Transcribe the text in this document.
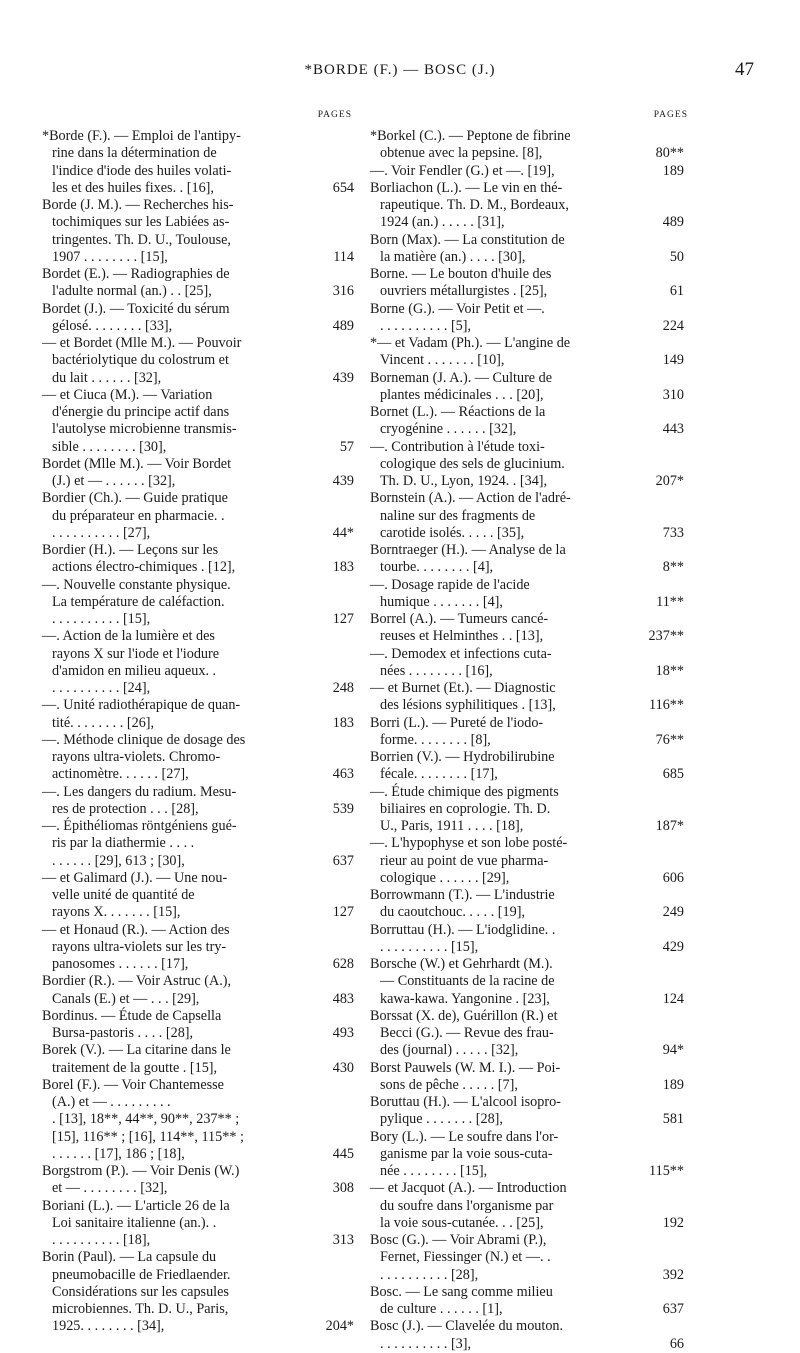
*BORDE (F.) — BOSC (J.)	47
PAGES
*Borde (F.). — Emploi de l'antipy-
rine dans la détermination de
l'indice d'iode des huiles volati-
les et des huiles fixes. . [16],	654
Borde (J. M.). — Recherches his-
tochimiques sur les Labiées as-
tringentes. Th. D. U., Toulouse,
1907 . . . . . . . . [15],	114
Bordet (E.). — Radiographies de
l'adulte normal (an.) . . [25],	316
Bordet (J.). — Toxicité du sérum
gélosé. . . . . . . . [33],	489
— et Bordet (Mlle M.). — Pouvoir
bactériolytique du colostrum et
du lait . . . . . . [32],	439
— et Ciuca (M.). — Variation
d'énergie du principe actif dans
l'autolyse microbienne transmis-
sible . . . . . . . . [30],	57
Bordet (Mlle M.). — Voir Bordet
(J.) et — . . . . . . [32],	439
Bordier (Ch.). — Guide pratique
du préparateur en pharmacie. .
. . . . . . . . . . [27],	44*
Bordier (H.). — Leçons sur les
actions électro-chimiques . [12],	183
—. Nouvelle constante physique.
La température de caléfaction.
. . . . . . . . . . [15],	127
—. Action de la lumière et des
rayons X sur l'iode et l'iodure
d'amidon en milieu aqueux. .
. . . . . . . . . . [24],	248
—. Unité radiothérapique de quan-
tité. . . . . . . . [26],	183
—. Méthode clinique de dosage des
rayons ultra-violets. Chromo-
actinomètre. . . . . . [27],	463
—. Les dangers du radium. Mesu-
res de protection . . . [28],	539
—. Épithéliomas röntgéniens gué-
ris par la diathermie . . . .
. . . . . . [29], 613 ; [30],	637
— et Galimard (J.). — Une nou-
velle unité de quantité de
rayons X. . . . . . . [15],	127
— et Honaud (R.). — Action des
rayons ultra-violets sur les try-
panosomes . . . . . . [17],	628
Bordier (R.). — Voir Astruc (A.),
Canals (E.) et — . . . [29],	483
Bordinus. — Étude de Capsella
Bursa-pastoris . . . . [28],	493
Borek (V.). — La citarine dans le
traitement de la goutte . [15],	430
Borel (F.). — Voir Chantemesse
(A.) et — . . . . . . . . .
. [13], 18**, 44**, 90**, 237** ;
[15], 116** ; [16], 114**, 115** ;
. . . . . . [17], 186 ; [18],	445
Borgstrom (P.). — Voir Denis (W.)
et — . . . . . . . . [32],	308
Boriani (L.). — L'article 26 de la
Loi sanitaire italienne (an.). .
. . . . . . . . . . [18],	313
Borin (Paul). — La capsule du
pneumobacille de Friedlaender.
Considérations sur les capsules
microbiennes. Th. D. U., Paris,
1925. . . . . . . . [34],	204*
PAGES
*Borkel (C.). — Peptone de fibrine
obtenue avec la pepsine. [8],	80**
—. Voir Fendler (G.) et —. [19],	189
Borliachon (L.). — Le vin en thé-
rapeutique. Th. D. M., Bordeaux,
1924 (an.) . . . . . [31],	489
Born (Max). — La constitution de
la matière (an.) . . . . [30],	50
Borne. — Le bouton d'huile des
ouvriers métallurgistes . [25],	61
Borne (G.). — Voir Petit et —.
. . . . . . . . . . [5],	224
*— et Vadam (Ph.). — L'angine de
Vincent . . . . . . . [10],	149
Borneman (J. A.). — Culture de
plantes médicinales . . . [20],	310
Bornet (L.). — Réactions de la
cryogénine . . . . . . [32],	443
—. Contribution à l'étude toxi-
cologique des sels de glucinium.
Th. D. U., Lyon, 1924. . [34],	207*
Bornstein (A.). — Action de l'adré-
naline sur des fragments de
carotide isolés. . . . . [35],	733
Borntraeger (H.). — Analyse de la
tourbe. . . . . . . . [4],	8**
—. Dosage rapide de l'acide
humique . . . . . . . [4],	11**
Borrel (A.). — Tumeurs cancé-
reuses et Helminthes . . [13],	237**
—. Demodex et infections cuta-
nées . . . . . . . . [16],	18**
— et Burnet (Et.). — Diagnostic
des lésions syphilitiques . [13],	116**
Borri (L.). — Pureté de l'iodo-
forme. . . . . . . . [8],	76**
Borrien (V.). — Hydrobilirubine
fécale. . . . . . . . [17],	685
—. Étude chimique des pigments
biliaires en coprologie. Th. D.
U., Paris, 1911 . . . . [18],	187*
—. L'hypophyse et son lobe posté-
rieur au point de vue pharma-
cologique . . . . . . [29],	606
Borrowmann (T.). — L'industrie
du caoutchouc. . . . . [19],	249
Borruttau (H.). — L'iodglidine. .
. . . . . . . . . . [15],	429
Borsche (W.) et Gehrhardt (M.).
— Constituants de la racine de
kawa-kawa. Yangonine . [23],	124
Borssat (X. de), Guérillon (R.) et
Becci (G.). — Revue des frau-
des (journal) . . . . . [32],	94*
Borst Pauwels (W. M. I.). — Poi-
sons de pêche . . . . . [7],	189
Boruttau (H.). — L'alcool isopro-
pylique . . . . . . . [28],	581
Bory (L.). — Le soufre dans l'or-
ganisme par la voie sous-cuta-
née . . . . . . . . [15],	115**
— et Jacquot (A.). — Introduction
du soufre dans l'organisme par
la voie sous-cutanée. . . [25],	192
Bosc (G.). — Voir Abrami (P.),
Fernet, Fiessinger (N.) et —. .
. . . . . . . . . . [28],	392
Bosc. — Le sang comme milieu
de culture . . . . . . [1],	637
Bosc (J.). — Clavelée du mouton.
. . . . . . . . . . [3],	66
